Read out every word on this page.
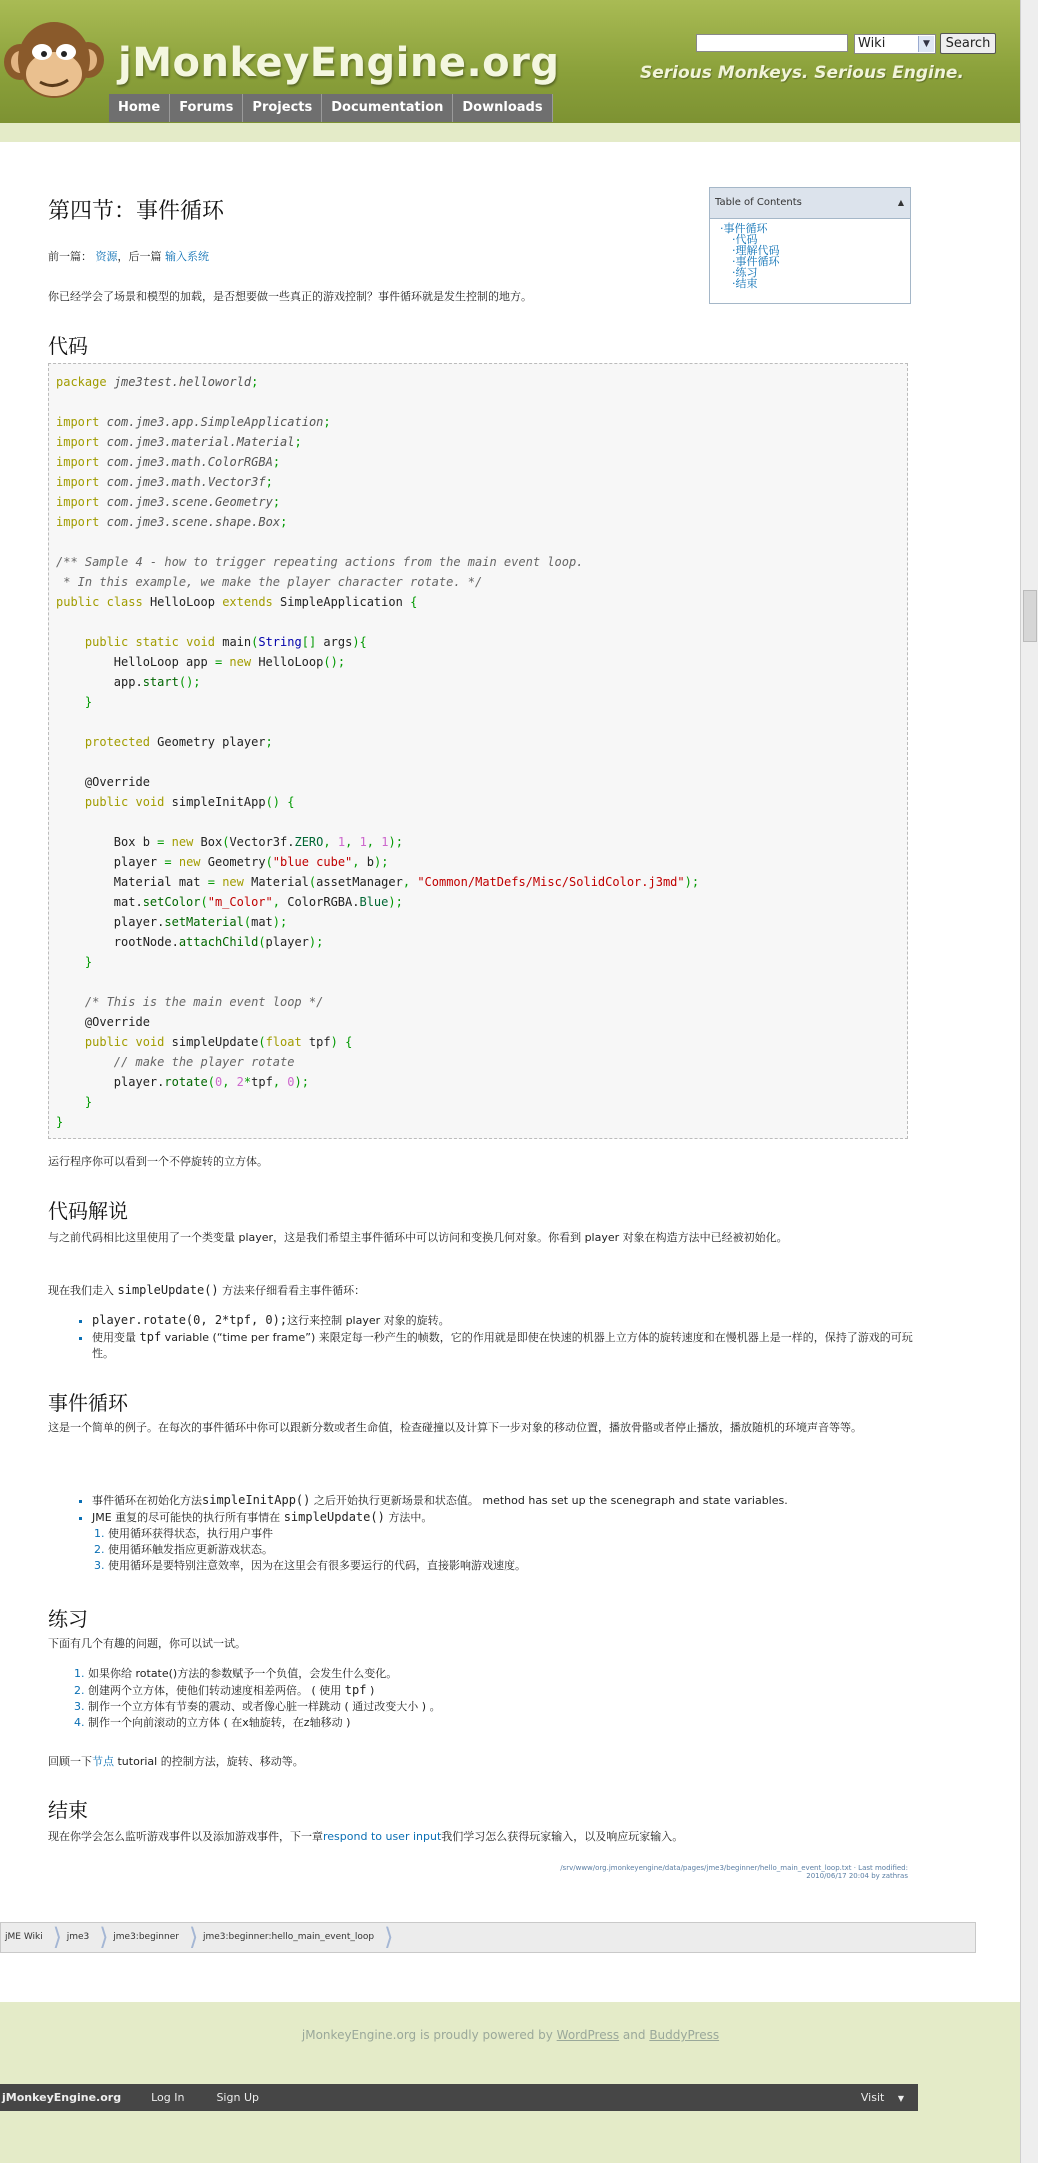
jMonkeyEngine.org	Serious Monkeys. Serious Engine.
Wiki	▼	Search
Home	Forums	Projects	Documentation	Downloads
第四节：事件循环
前一篇： 资源，后一篇 输入系统
你已经学会了场景和模型的加载，是否想要做一些真正的游戏控制？事件循环就是发生控制的地方。
Table of Contents	▲
·事件循环
·代码
·理解代码
·事件循环
·练习
·结束
代码
package jme3test.helloworld;

import com.jme3.app.SimpleApplication;
import com.jme3.material.Material;
import com.jme3.math.ColorRGBA;
import com.jme3.math.Vector3f;
import com.jme3.scene.Geometry;
import com.jme3.scene.shape.Box;

/** Sample 4 - how to trigger repeating actions from the main event loop.
* In this example, we make the player character rotate. */
public class HelloLoop extends SimpleApplication {

public static void main(String[] args){
HelloLoop app = new HelloLoop();
app.start();
}

protected Geometry player;

@Override
public void simpleInitApp() {

Box b = new Box(Vector3f.ZERO, 1, 1, 1);
player = new Geometry("blue cube", b);
Material mat = new Material(assetManager, "Common/MatDefs/Misc/SolidColor.j3md");
mat.setColor("m_Color", ColorRGBA.Blue);
player.setMaterial(mat);
rootNode.attachChild(player);
}

/* This is the main event loop */
@Override
public void simpleUpdate(float tpf) {
// make the player rotate
player.rotate(0, 2*tpf, 0);
}
}
运行程序你可以看到一个不停旋转的立方体。
代码解说
与之前代码相比这里使用了一个类变量 player，这是我们希望主事件循环中可以访问和变换几何对象。你看到 player 对象在构造方法中已经被初始化。
现在我们走入 simpleUpdate() 方法来仔细看看主事件循环：
▪ player.rotate(0, 2*tpf, 0);这行来控制 player 对象的旋转。
▪ 使用变量 tpf variable (“time per frame”) 来限定每一秒产生的帧数，它的作用就是即使在快速的机器上立方体的旋转速度和在慢机器上是一样的，保持了游戏的可玩性。
事件循环
这是一个简单的例子。在每次的事件循环中你可以跟新分数或者生命值，检查碰撞以及计算下一步对象的移动位置，播放骨骼或者停止播放，播放随机的环境声音等等。
▪ 事件循环在初始化方法simpleInitApp() 之后开始执行更新场景和状态值。 method has set up the scenegraph and state variables.
▪ JME 重复的尽可能快的执行所有事情在 simpleUpdate() 方法中。
1. 使用循环获得状态，执行用户事件
2. 使用循环触发指应更新游戏状态。
3. 使用循环是要特别注意效率，因为在这里会有很多要运行的代码，直接影响游戏速度。
练习
下面有几个有趣的问题，你可以试一试。
1. 如果你给 rotate()方法的参数赋予一个负值，会发生什么变化。
2. 创建两个立方体，使他们转动速度相差两倍。 ( 使用 tpf )
3. 制作一个立方体有节奏的震动、或者像心脏一样跳动 ( 通过改变大小 ) 。
4. 制作一个向前滚动的立方体 ( 在x轴旋转，在z轴移动 )
回顾一下节点 tutorial 的控制方法，旋转、移动等。
结束
现在你学会怎么监听游戏事件以及添加游戏事件，下一章respond to user input我们学习怎么获得玩家输入，以及响应玩家输入。
/srv/www/org.jmonkeyengine/data/pages/jme3/beginner/hello_main_event_loop.txt · Last modified: 2010/06/17 20:04 by zathras
jME Wiki ⟩ jme3 ⟩ jme3:beginner ⟩ jme3:beginner:hello_main_event_loop ⟩
jMonkeyEngine.org is proudly powered by WordPress and BuddyPress
jMonkeyEngine.org	Log In	Sign Up	Visit ▼
